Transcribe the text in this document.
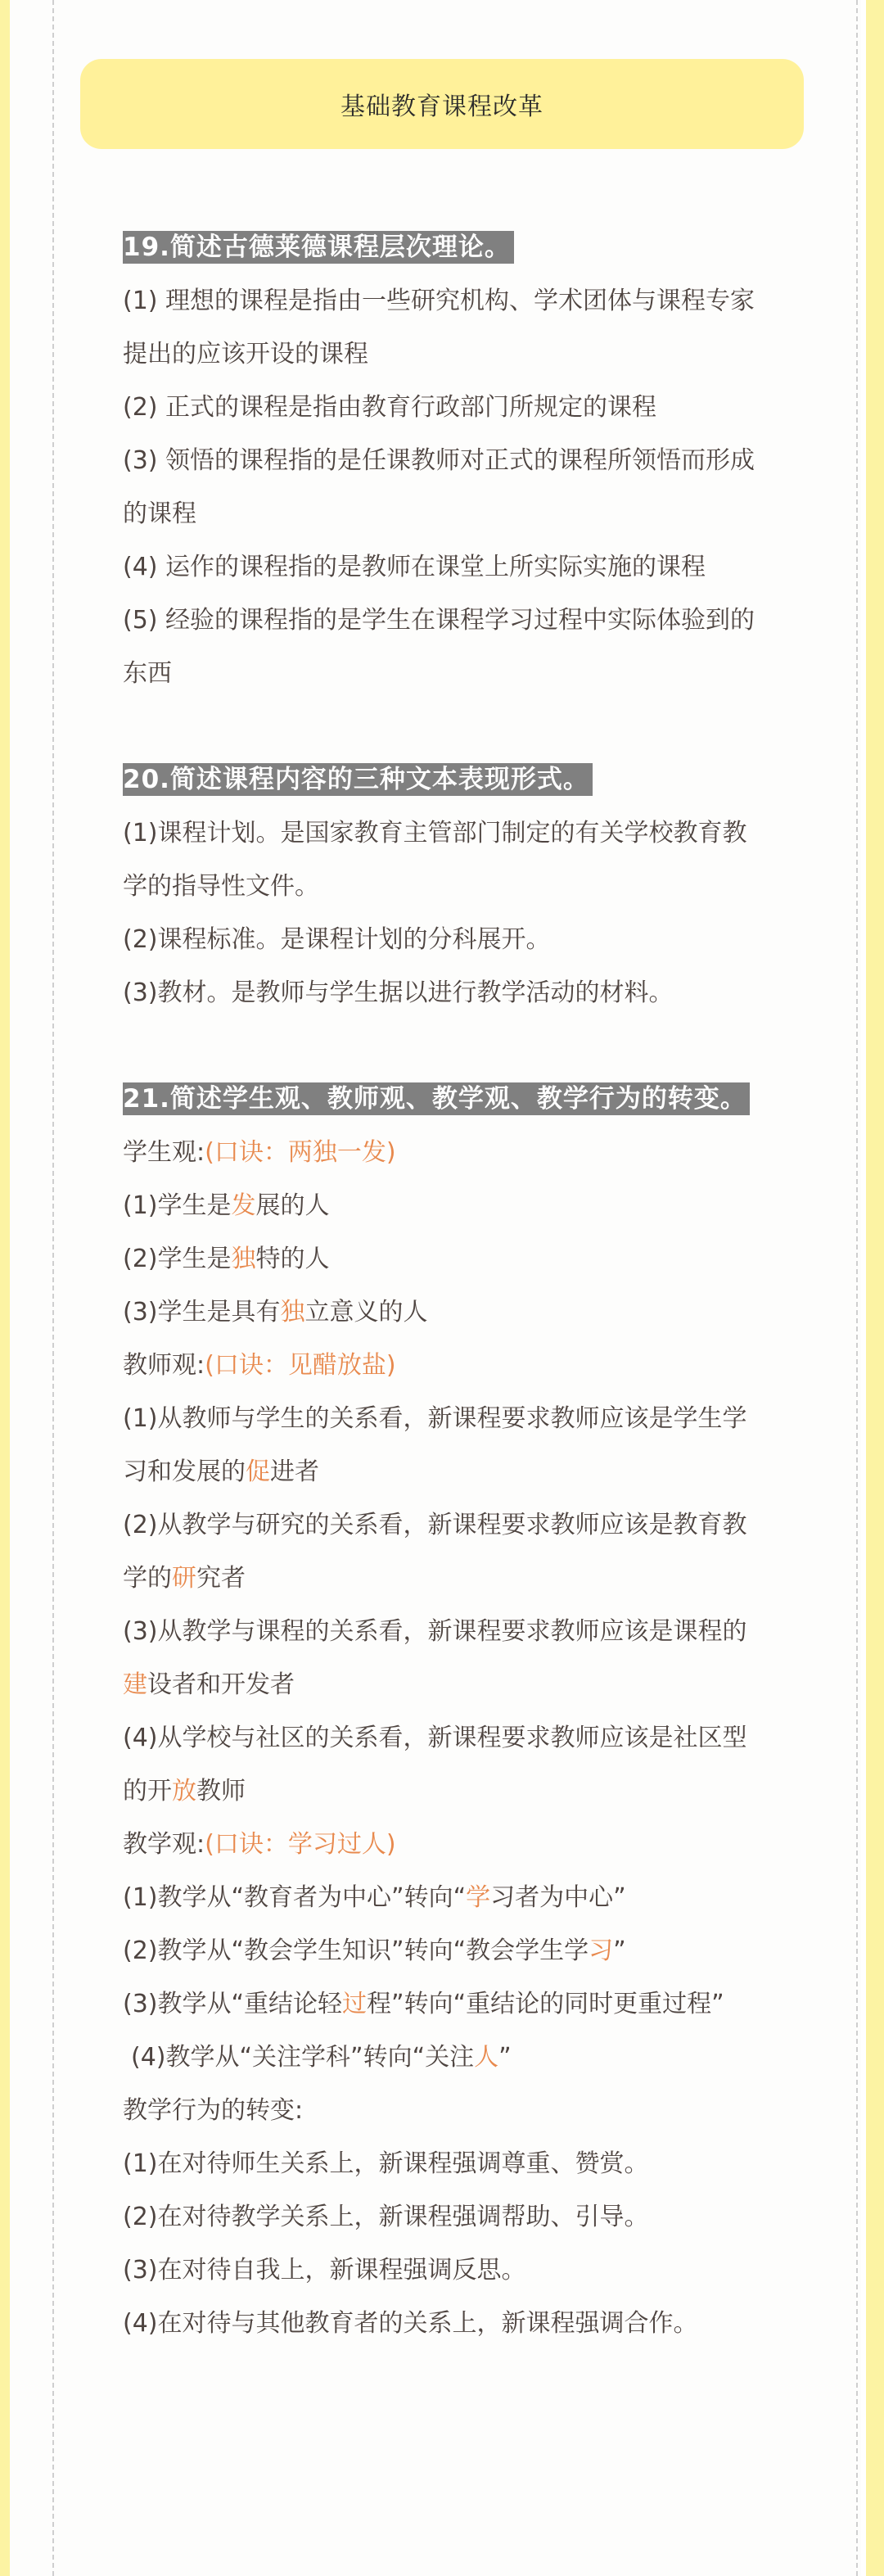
基础教育课程改革

19.简述古德莱德课程层次理论。

(1) 理想的课程是指由一些研究机构、学术团体与课程专家提出的应该开设的课程

(2) 正式的课程是指由教育行政部门所规定的课程

(3) 领悟的课程指的是任课教师对正式的课程所领悟而形成的课程

(4) 运作的课程指的是教师在课堂上所实际实施的课程

(5) 经验的课程指的是学生在课程学习过程中实际体验到的东西

20.简述课程内容的三种文本表现形式。

(1)课程计划。是国家教育主管部门制定的有关学校教育教学的指导性文件。

(2)课程标准。是课程计划的分科展开。

(3)教材。是教师与学生据以进行教学活动的材料。

21.简述学生观、教师观、教学观、教学行为的转变。

学生观:(口诀：两独一发)

(1)学生是发展的人

(2)学生是独特的人

(3)学生是具有独立意义的人

教师观:(口诀：见醋放盐)

(1)从教师与学生的关系看，新课程要求教师应该是学生学习和发展的促进者

(2)从教学与研究的关系看，新课程要求教师应该是教育教学的研究者

(3)从教学与课程的关系看，新课程要求教师应该是课程的建设者和开发者

(4)从学校与社区的关系看，新课程要求教师应该是社区型的开放教师

教学观:(口诀：学习过人)

(1)教学从“教育者为中心”转向“学习者为中心”

(2)教学从“教会学生知识”转向“教会学生学习”

(3)教学从“重结论轻过程”转向“重结论的同时更重过程”

(4)教学从“关注学科”转向“关注人”

教学行为的转变:

(1)在对待师生关系上，新课程强调尊重、赞赏。

(2)在对待教学关系上，新课程强调帮助、引导。

(3)在对待自我上，新课程强调反思。

(4)在对待与其他教育者的关系上，新课程强调合作。
